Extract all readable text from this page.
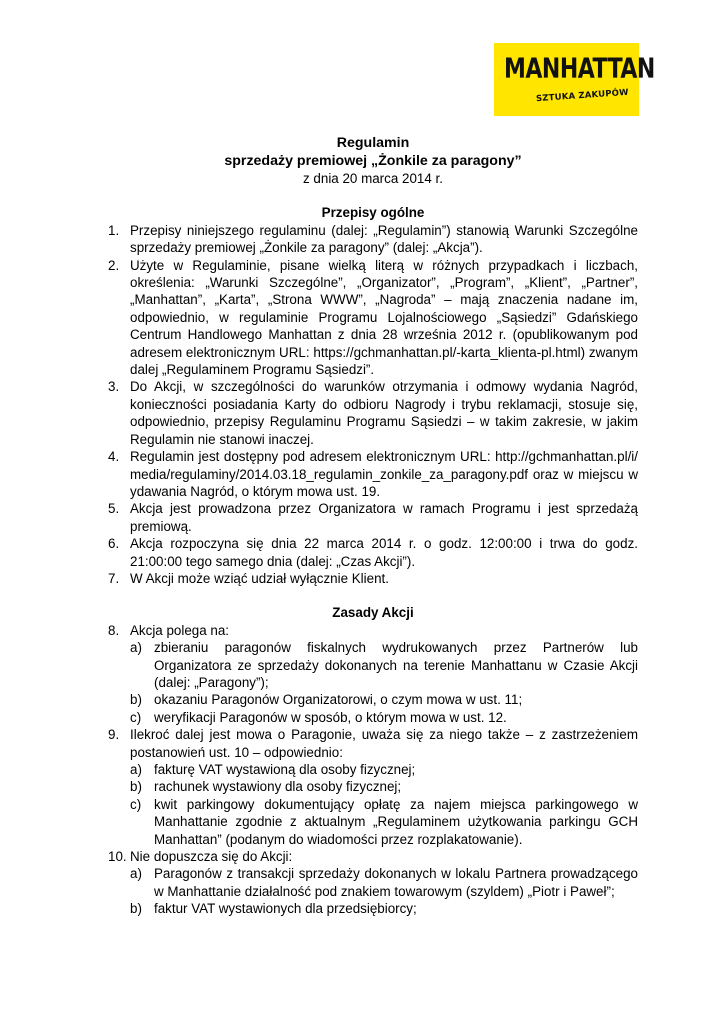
MANHATTAN
SZTUKA ZAKUPÓW
Regulamin
sprzedaży premiowej „Żonkile za paragony”
z dnia 20 marca 2014 r.
Przepisy ogólne
1. Przepisy niniejszego regulaminu (dalej: „Regulamin”) stanowią Warunki Szczególne sprzedaży premiowej „Żonkile za paragony” (dalej: „Akcja”).
2. Użyte w Regulaminie, pisane wielką literą w różnych przypadkach i liczbach, określenia: „Warunki Szczególne”, „Organizator”, „Program”, „Klient”, „Partner”, „Manhattan”, „Karta”, „Strona WWW”, „Nagroda” – mają znaczenia nadane im, odpowiednio, w regulaminie Programu Lojalnościowego „Sąsiedzi” Gdańskiego Centrum Handlowego Manhattan z dnia 28 września 2012 r. (opublikowanym pod adresem elektronicznym URL: https://gchmanhattan.pl/-karta_klienta-pl.html) zwanym dalej „Regulaminem Programu Sąsiedzi”.
3. Do Akcji, w szczególności do warunków otrzymania i odmowy wydania Nagród, konieczności posiadania Karty do odbioru Nagrody i trybu reklamacji, stosuje się, odpowiednio, przepisy Regulaminu Programu Sąsiedzi – w takim zakresie, w jakim Regulamin nie stanowi inaczej.
4. Regulamin jest dostępny pod adresem elektronicznym URL: http://gchmanhattan.pl/i/media/regulaminy/2014.03.18_regulamin_zonkile_za_paragony.pdf oraz w miejscu wydawania Nagród, o którym mowa ust. 19.
5. Akcja jest prowadzona przez Organizatora w ramach Programu i jest sprzedażą premiową.
6. Akcja rozpoczyna się dnia 22 marca 2014 r. o godz. 12:00:00 i trwa do godz. 21:00:00 tego samego dnia (dalej: „Czas Akcji”).
7. W Akcji może wziąć udział wyłącznie Klient.
Zasady Akcji
8. Akcja polega na:
a) zbieraniu paragonów fiskalnych wydrukowanych przez Partnerów lub Organizatora ze sprzedaży dokonanych na terenie Manhattanu w Czasie Akcji (dalej: „Paragony”);
b) okazaniu Paragonów Organizatorowi, o czym mowa w ust. 11;
c) weryfikacji Paragonów w sposób, o którym mowa w ust. 12.
9. Ilekroć dalej jest mowa o Paragonie, uważa się za niego także – z zastrzeżeniem postanowień ust. 10 – odpowiednio:
a) fakturę VAT wystawioną dla osoby fizycznej;
b) rachunek wystawiony dla osoby fizycznej;
c) kwit parkingowy dokumentujący opłatę za najem miejsca parkingowego w Manhattanie zgodnie z aktualnym „Regulaminem użytkowania parkingu GCH Manhattan” (podanym do wiadomości przez rozplakatowanie).
10. Nie dopuszcza się do Akcji:
a) Paragonów z transakcji sprzedaży dokonanych w lokalu Partnera prowadzącego w Manhattanie działalność pod znakiem towarowym (szyldem) „Piotr i Paweł”;
b) faktur VAT wystawionych dla przedsiębiorcy;
